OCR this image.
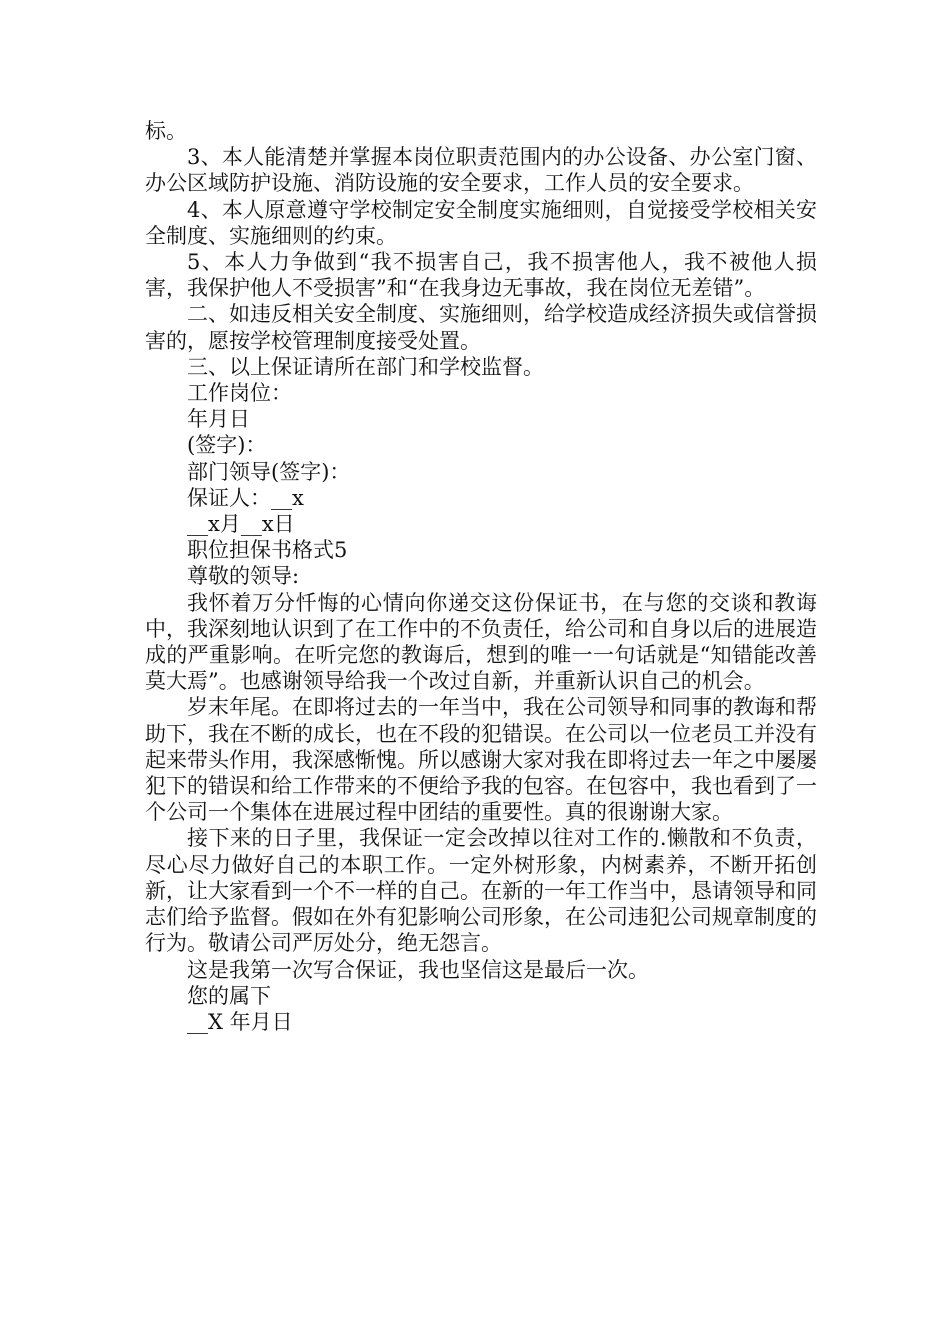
标。

3、本人能清楚并掌握本岗位职责范围内的办公设备、办公室门窗、办公区域防护设施、消防设施的安全要求，工作人员的安全要求。

4、本人原意遵守学校制定安全制度实施细则，自觉接受学校相关安全制度、实施细则的约束。

5、本人力争做到“我不损害自己，我不损害他人，我不被他人损害，我保护他人不受损害”和“在我身边无事故，我在岗位无差错”。

二、如违反相关安全制度、实施细则，给学校造成经济损失或信誉损害的，愿按学校管理制度接受处置。

三、以上保证请所在部门和学校监督。

工作岗位：

年月日

(签字)：

部门领导(签字)：

保证人：__x

__x月__x日

职位担保书格式5

尊敬的领导:

我怀着万分忏悔的心情向你递交这份保证书，在与您的交谈和教诲中，我深刻地认识到了在工作中的不负责任，给公司和自身以后的进展造成的严重影响。在听完您的教诲后，想到的唯一一句话就是“知错能改善莫大焉”。也感谢领导给我一个改过自新，并重新认识自己的机会。

岁末年尾。在即将过去的一年当中，我在公司领导和同事的教诲和帮助下，我在不断的成长，也在不段的犯错误。在公司以一位老员工并没有起来带头作用，我深感惭愧。所以感谢大家对我在即将过去一年之中屡屡犯下的错误和给工作带来的不便给予我的包容。在包容中，我也看到了一个公司一个集体在进展过程中团结的重要性。真的很谢谢大家。

接下来的日子里，我保证一定会改掉以往对工作的.懒散和不负责，尽心尽力做好自己的本职工作。一定外树形象，内树素养，不断开拓创新，让大家看到一个不一样的自己。在新的一年工作当中，恳请领导和同志们给予监督。假如在外有犯影响公司形象，在公司违犯公司规章制度的行为。敬请公司严厉处分，绝无怨言。

这是我第一次写合保证，我也坚信这是最后一次。

您的属下

__X 年月日
